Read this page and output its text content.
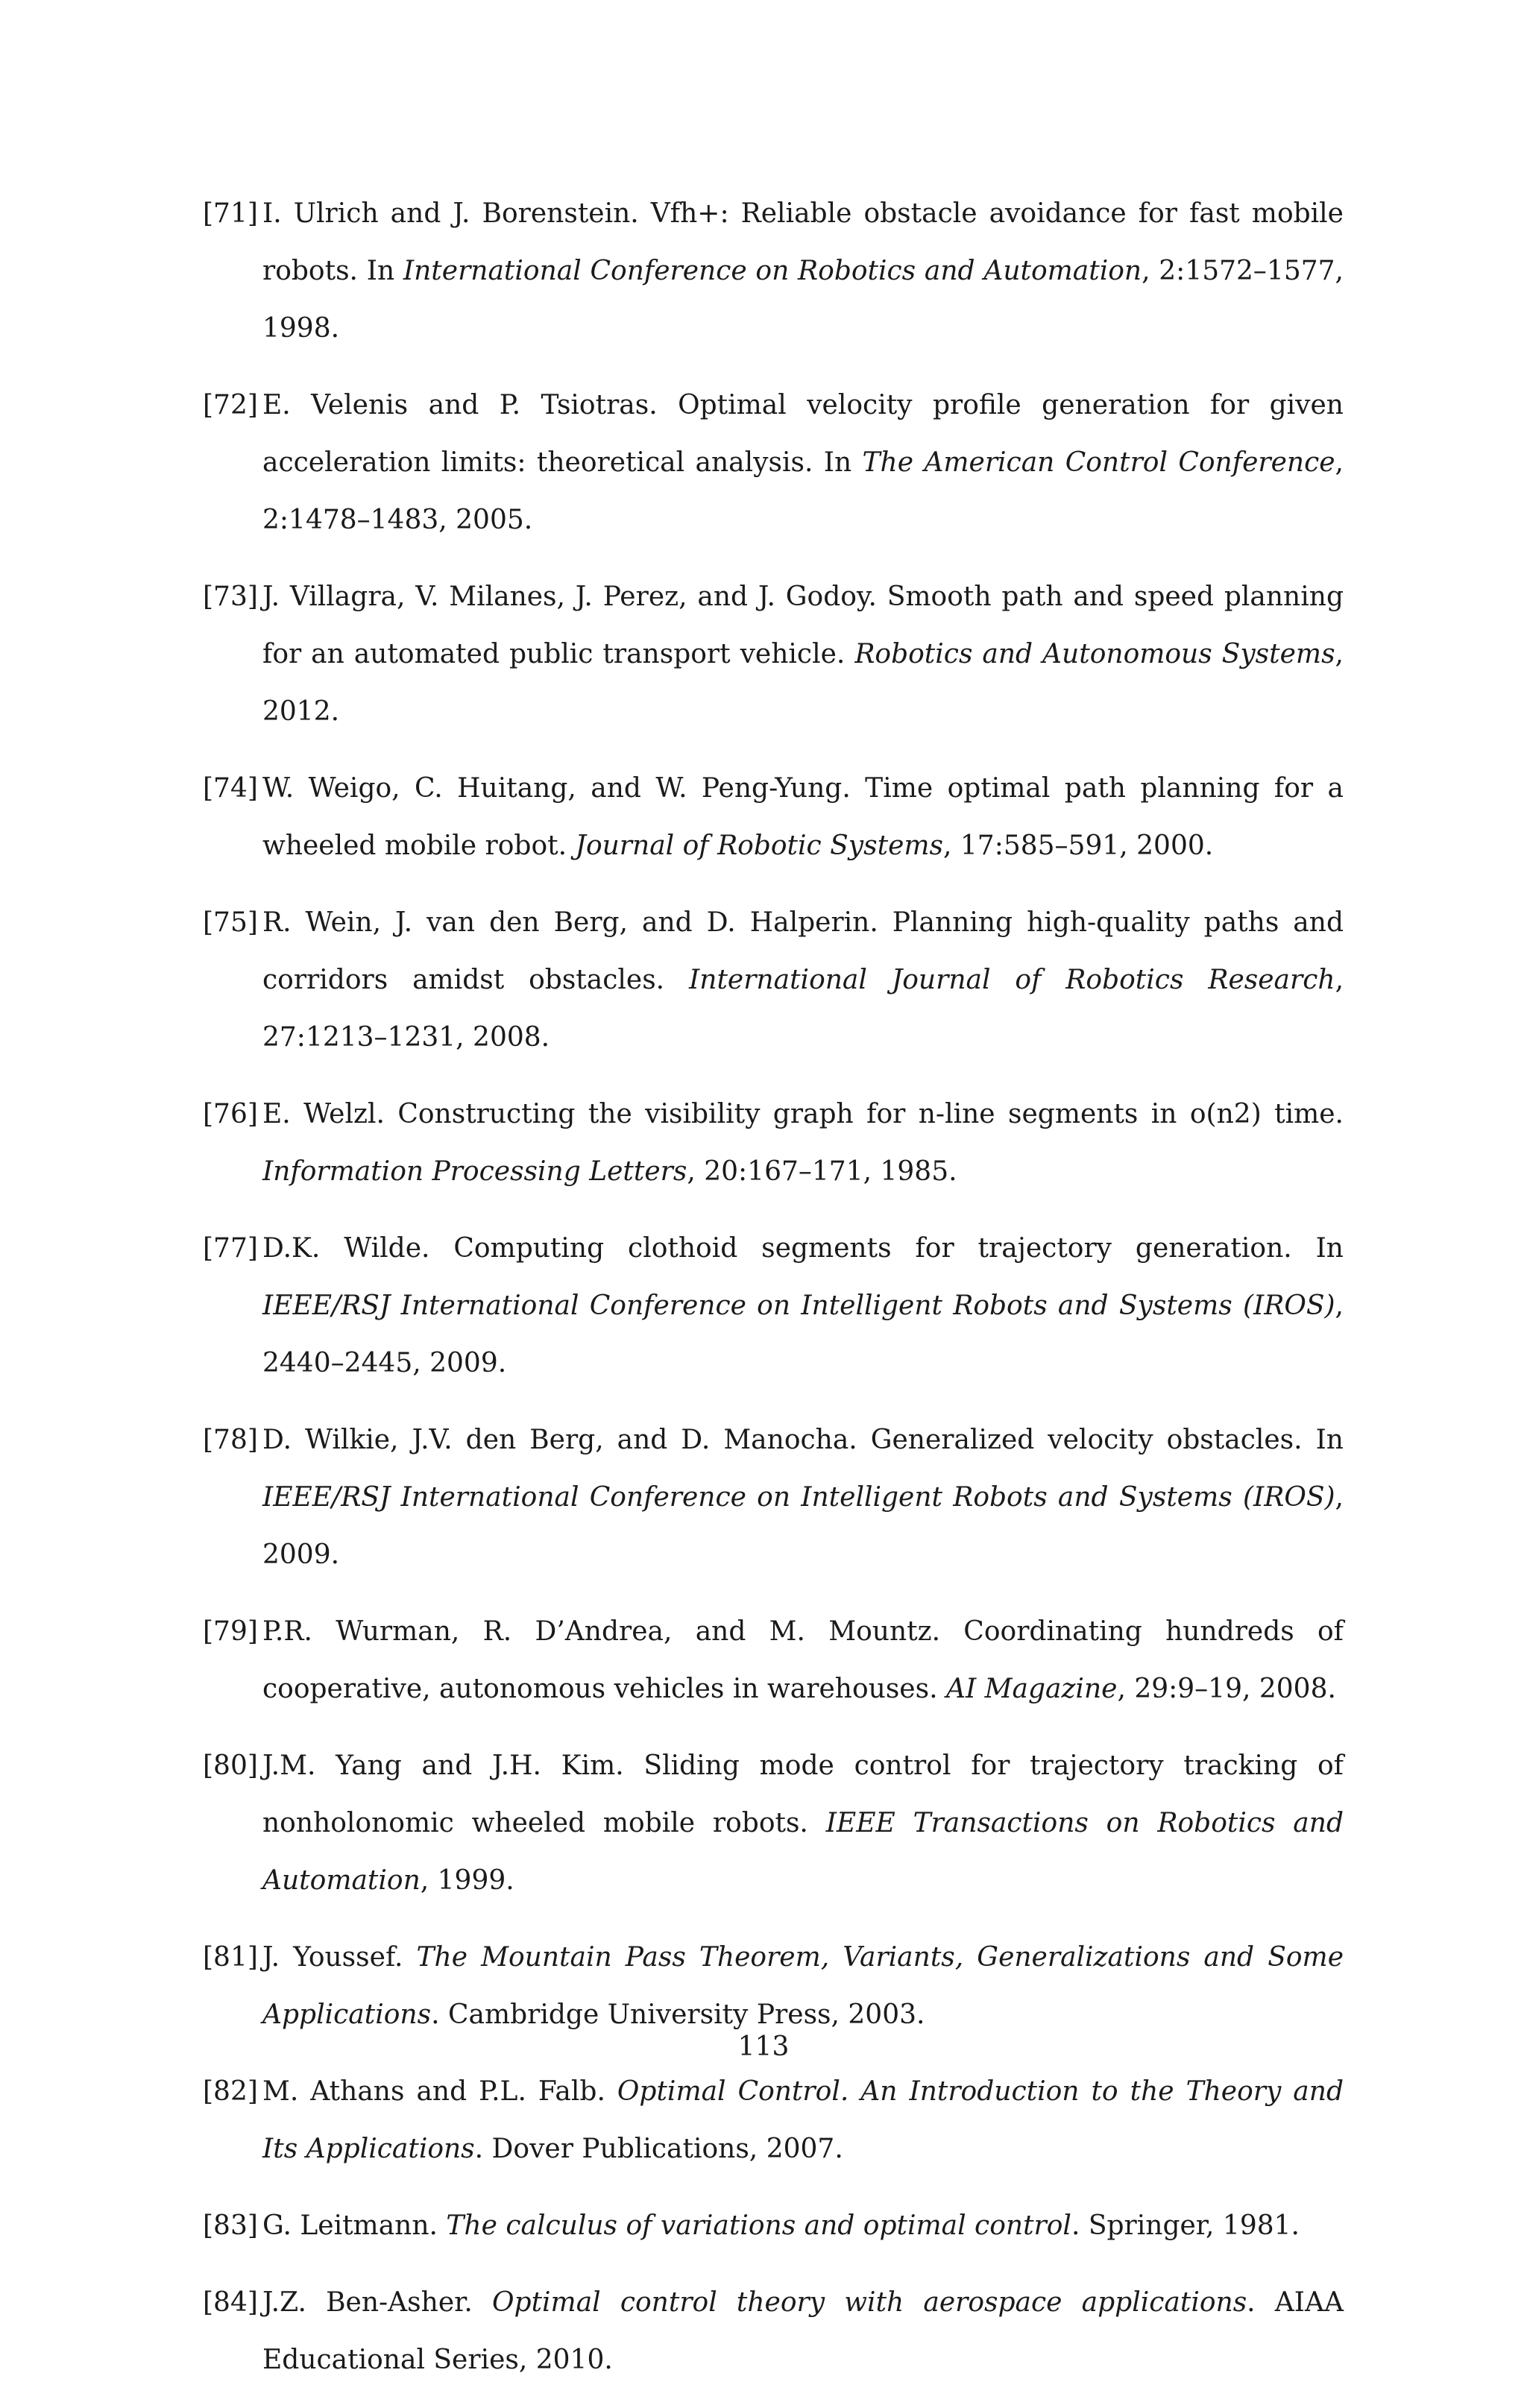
[71] I. Ulrich and J. Borenstein. Vfh+: Reliable obstacle avoidance for fast mobile robots. In International Conference on Robotics and Automation, 2:1572–1577, 1998.
[72] E. Velenis and P. Tsiotras. Optimal velocity profile generation for given acceleration limits: theoretical analysis. In The American Control Conference, 2:1478–1483, 2005.
[73] J. Villagra, V. Milanes, J. Perez, and J. Godoy. Smooth path and speed planning for an automated public transport vehicle. Robotics and Autonomous Systems, 2012.
[74] W. Weigo, C. Huitang, and W. Peng-Yung. Time optimal path planning for a wheeled mobile robot. Journal of Robotic Systems, 17:585–591, 2000.
[75] R. Wein, J. van den Berg, and D. Halperin. Planning high-quality paths and corridors amidst obstacles. International Journal of Robotics Research, 27:1213–1231, 2008.
[76] E. Welzl. Constructing the visibility graph for n-line segments in o(n2) time. Information Processing Letters, 20:167–171, 1985.
[77] D.K. Wilde. Computing clothoid segments for trajectory generation. In IEEE/RSJ International Conference on Intelligent Robots and Systems (IROS), 2440–2445, 2009.
[78] D. Wilkie, J.V. den Berg, and D. Manocha. Generalized velocity obstacles. In IEEE/RSJ International Conference on Intelligent Robots and Systems (IROS), 2009.
[79] P.R. Wurman, R. D’Andrea, and M. Mountz. Coordinating hundreds of cooperative, autonomous vehicles in warehouses. AI Magazine, 29:9–19, 2008.
[80] J.M. Yang and J.H. Kim. Sliding mode control for trajectory tracking of nonholonomic wheeled mobile robots. IEEE Transactions on Robotics and Automation, 1999.
[81] J. Youssef. The Mountain Pass Theorem, Variants, Generalizations and Some Applications. Cambridge University Press, 2003.
[82] M. Athans and P.L. Falb. Optimal Control. An Introduction to the Theory and Its Applications. Dover Publications, 2007.
[83] G. Leitmann. The calculus of variations and optimal control. Springer, 1981.
[84] J.Z. Ben-Asher. Optimal control theory with aerospace applications. AIAA Educational Series, 2010.
113
